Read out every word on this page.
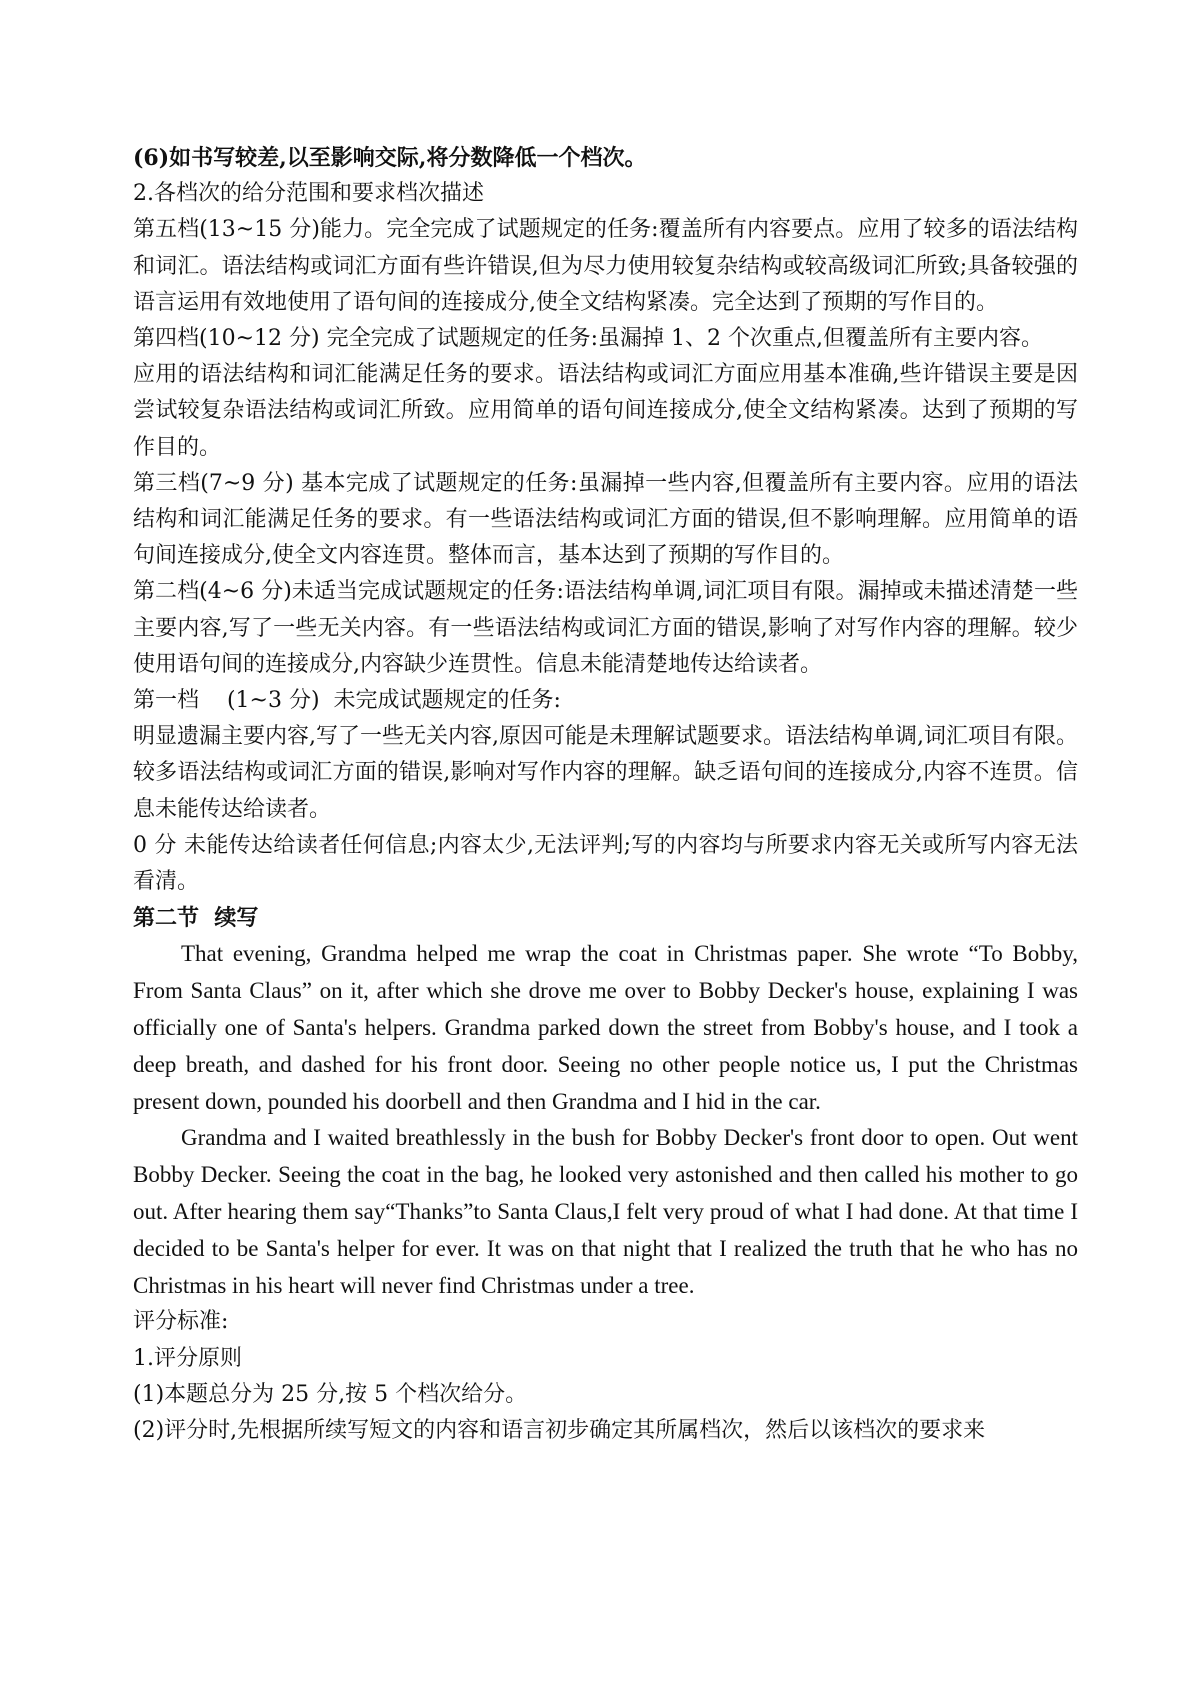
(6)如书写较差,以至影响交际,将分数降低一个档次。

2.各档次的给分范围和要求档次描述

第五档(13~15 分)能力。完全完成了试题规定的任务:覆盖所有内容要点。应用了较多的语法结构和词汇。语法结构或词汇方面有些许错误,但为尽力使用较复杂结构或较高级词汇所致;具备较强的语言运用有效地使用了语句间的连接成分,使全文结构紧凑。完全达到了预期的写作目的。

第四档(10~12 分) 完全完成了试题规定的任务:虽漏掉 1、2 个次重点,但覆盖所有主要内容。

应用的语法结构和词汇能满足任务的要求。语法结构或词汇方面应用基本准确,些许错误主要是因尝试较复杂语法结构或词汇所致。应用简单的语句间连接成分,使全文结构紧凑。达到了预期的写作目的。

第三档(7~9 分) 基本完成了试题规定的任务:虽漏掉一些内容,但覆盖所有主要内容。应用的语法结构和词汇能满足任务的要求。有一些语法结构或词汇方面的错误,但不影响理解。应用简单的语句间连接成分,使全文内容连贯。整体而言，基本达到了预期的写作目的。

第二档(4~6 分)未适当完成试题规定的任务:语法结构单调,词汇项目有限。漏掉或未描述清楚一些主要内容,写了一些无关内容。有一些语法结构或词汇方面的错误,影响了对写作内容的理解。较少使用语句间的连接成分,内容缺少连贯性。信息未能清楚地传达给读者。

第一档    (1~3 分)  未完成试题规定的任务:

明显遗漏主要内容,写了一些无关内容,原因可能是未理解试题要求。语法结构单调,词汇项目有限。较多语法结构或词汇方面的错误,影响对写作内容的理解。缺乏语句间的连接成分,内容不连贯。信息未能传达给读者。

0 分 未能传达给读者任何信息;内容太少,无法评判;写的内容均与所要求内容无关或所写内容无法看清。

第二节  续写

That evening, Grandma helped me wrap the coat in Christmas paper. She wrote “To Bobby, From Santa Claus” on it, after which she drove me over to Bobby Decker's house, explaining I was officially one of Santa's helpers. Grandma parked down the street from Bobby's house, and I took a deep breath, and dashed for his front door. Seeing no other people notice us, I put the Christmas present down, pounded his doorbell and then Grandma and I hid in the car.

Grandma and I waited breathlessly in the bush for Bobby Decker's front door to open. Out went Bobby Decker. Seeing the coat in the bag, he looked very astonished and then called his mother to go out. After hearing them say“Thanks”to Santa Claus,I felt very proud of what I had done. At that time I decided to be Santa's helper for ever. It was on that night that I realized the truth that he who has no Christmas in his heart will never find Christmas under a tree.

评分标准:

1.评分原则

(1)本题总分为 25 分,按 5 个档次给分。

(2)评分时,先根据所续写短文的内容和语言初步确定其所属档次，然后以该档次的要求来
